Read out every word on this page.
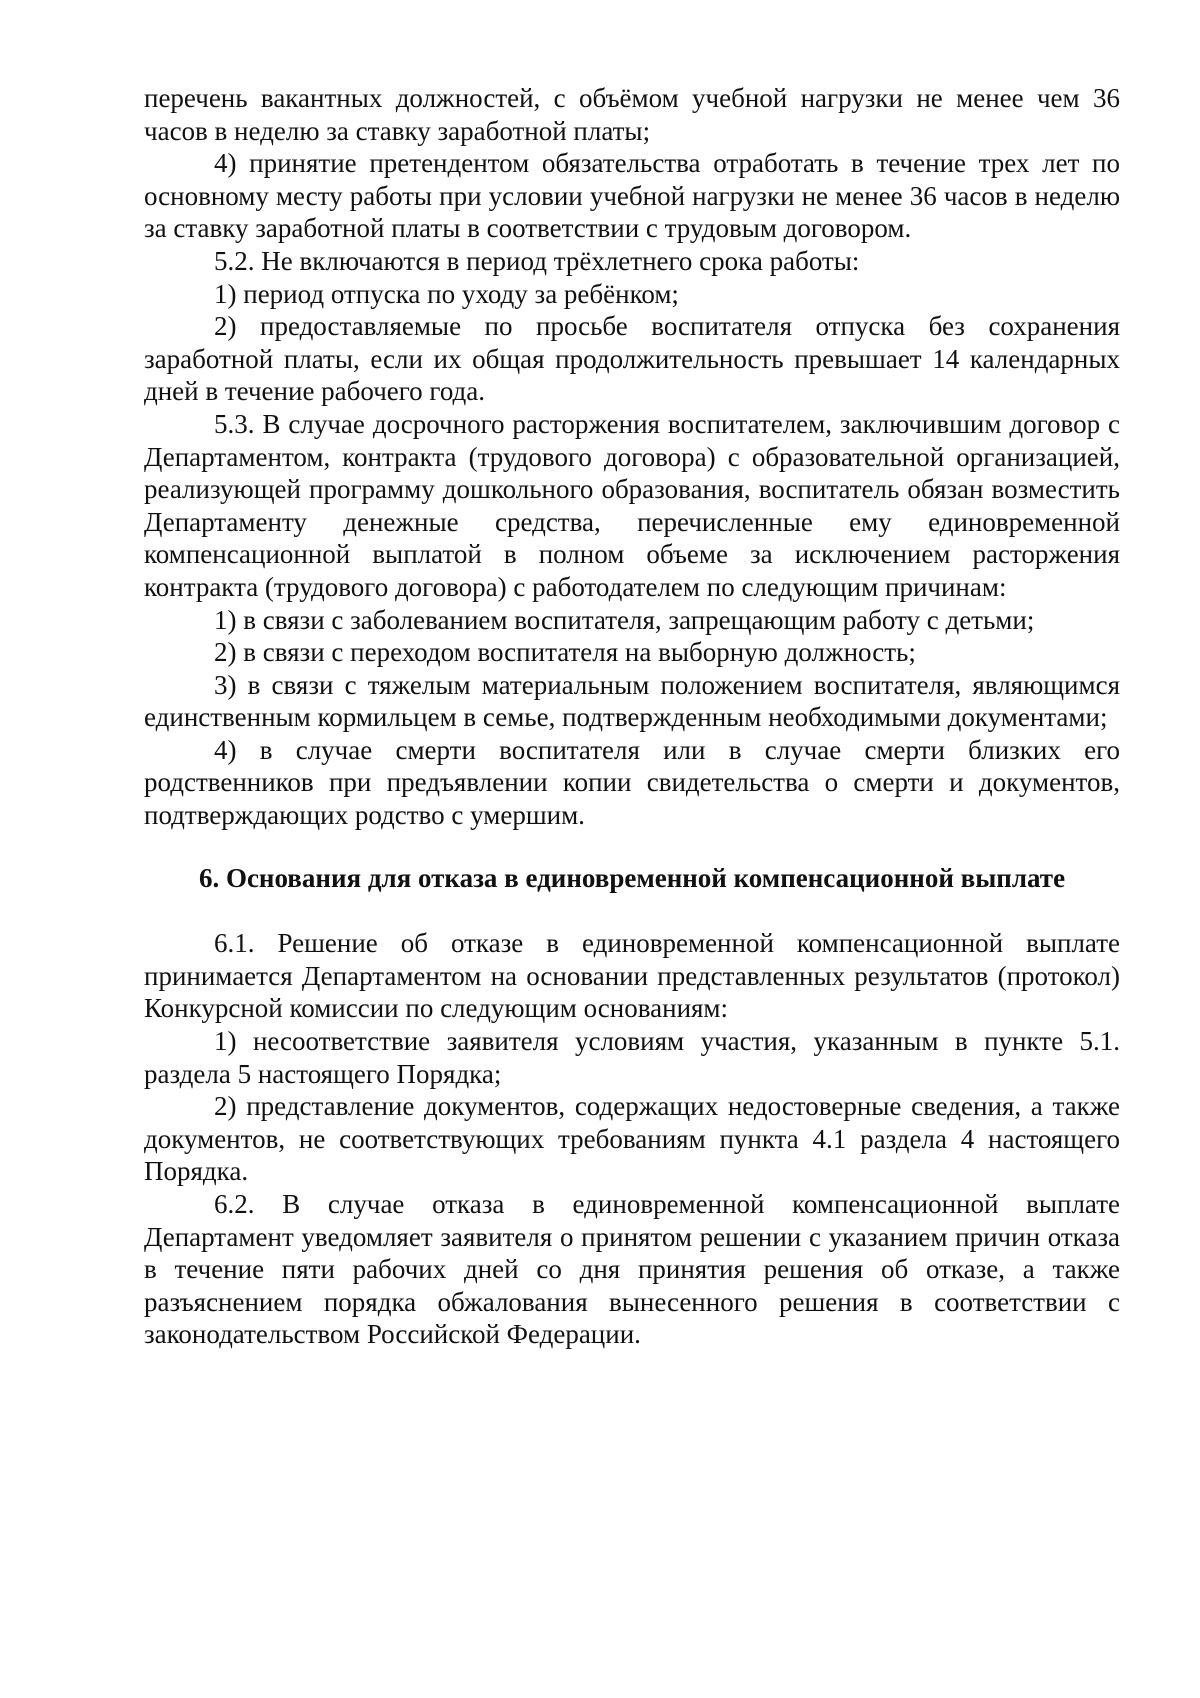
перечень вакантных должностей, с объёмом учебной нагрузки не менее чем 36 часов в неделю за ставку заработной платы;

4) принятие претендентом обязательства отработать в течение трех лет по основному месту работы при условии учебной нагрузки не менее 36 часов в неделю за ставку заработной платы в соответствии с трудовым договором.

5.2. Не включаются в период трёхлетнего срока работы:

1) период отпуска по уходу за ребёнком;

2) предоставляемые по просьбе воспитателя отпуска без сохранения заработной платы, если их общая продолжительность превышает 14 календарных дней в течение рабочего года.

5.3. В случае досрочного расторжения воспитателем, заключившим договор с Департаментом, контракта (трудового договора) с образовательной организацией, реализующей программу дошкольного образования, воспитатель обязан возместить Департаменту денежные средства, перечисленные ему единовременной компенсационной выплатой в полном объеме за исключением расторжения контракта (трудового договора) с работодателем по следующим причинам:

1) в связи с заболеванием воспитателя, запрещающим работу с детьми;

2) в связи с переходом воспитателя на выборную должность;

3) в связи с тяжелым материальным положением воспитателя, являющимся единственным кормильцем в семье, подтвержденным необходимыми документами;

4) в случае смерти воспитателя или в случае смерти близких его родственников при предъявлении копии свидетельства о смерти и документов, подтверждающих родство с умершим.

6. Основания для отказа в единовременной компенсационной выплате

6.1. Решение об отказе в единовременной компенсационной выплате принимается Департаментом на основании представленных результатов (протокол) Конкурсной комиссии по следующим основаниям:

1) несоответствие заявителя условиям участия, указанным в пункте 5.1. раздела 5 настоящего Порядка;

2) представление документов, содержащих недостоверные сведения, а также документов, не соответствующих требованиям пункта 4.1 раздела 4 настоящего Порядка.

6.2. В случае отказа в единовременной компенсационной выплате Департамент уведомляет заявителя о принятом решении с указанием причин отказа в течение пяти рабочих дней со дня принятия решения об отказе, а также разъяснением порядка обжалования вынесенного решения в соответствии с законодательством Российской Федерации.
